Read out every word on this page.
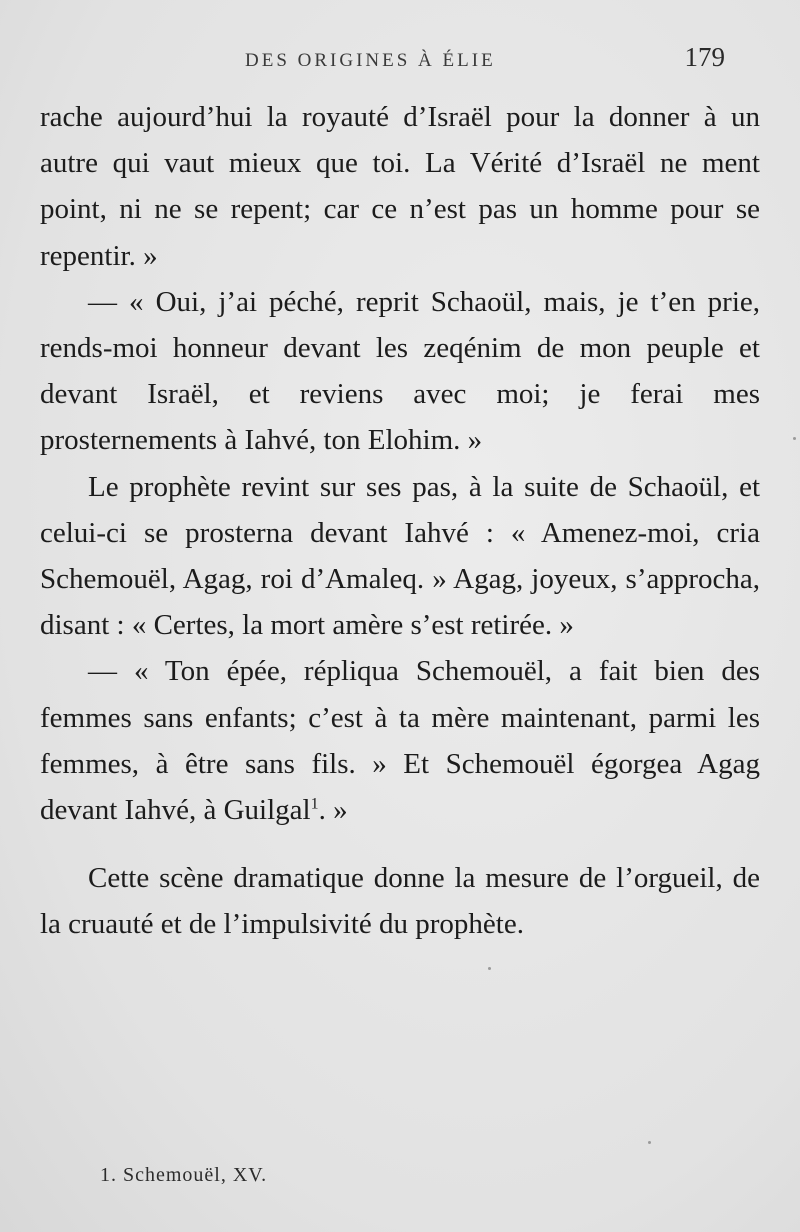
DES ORIGINES À ÉLIE	179

rache aujourd’hui la royauté d’Israël pour la donner à un autre qui vaut mieux que toi. La Vérité d’Israël ne ment point, ni ne se repent; car ce n’est pas un homme pour se repentir. »

— « Oui, j’ai péché, reprit Schaoül, mais, je t’en prie, rends-moi honneur devant les zeqénim de mon peuple et devant Israël, et reviens avec moi; je ferai mes prosternements à Iahvé, ton Elohim. »

Le prophète revint sur ses pas, à la suite de Schaoül, et celui-ci se prosterna devant Iahvé : « Amenez-moi, cria Schemouël, Agag, roi d’Amaleq. » Agag, joyeux, s’approcha, disant : « Certes, la mort amère s’est retirée. »

— « Ton épée, répliqua Schemouël, a fait bien des femmes sans enfants; c’est à ta mère maintenant, parmi les femmes, à être sans fils. » Et Schemouël égorgea Agag devant Iahvé, à Guilgal$^1$. »

Cette scène dramatique donne la mesure de l’orgueil, de la cruauté et de l’impulsivité du prophète.

1. Schemouël, XV.
